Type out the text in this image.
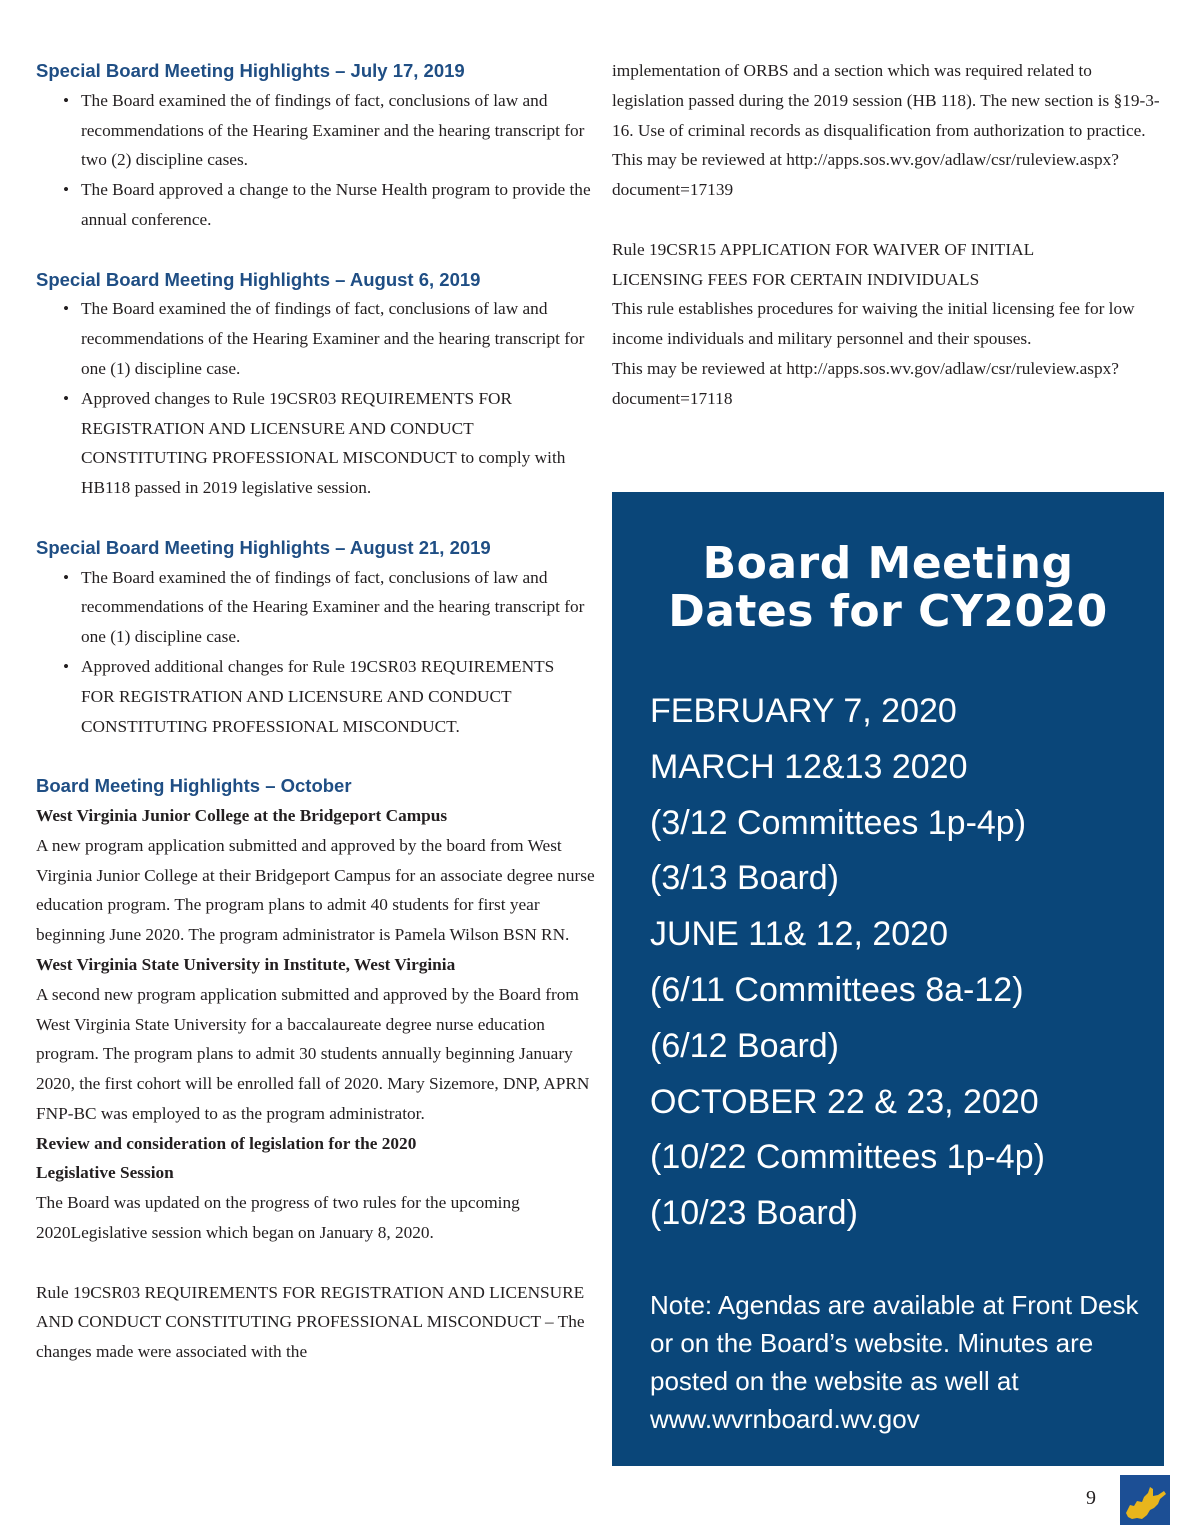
Special Board Meeting Highlights – July 17, 2019
• The Board examined the of findings of fact, conclusions of law and recommendations of the Hearing Examiner and the hearing transcript for two (2) discipline cases.
• The Board approved a change to the Nurse Health program to provide the annual conference.
Special Board Meeting Highlights – August 6, 2019
• The Board examined the of findings of fact, conclusions of law and recommendations of the Hearing Examiner and the hearing transcript for one (1) discipline case.
• Approved changes to Rule 19CSR03 REQUIREMENTS FOR REGISTRATION AND LICENSURE AND CONDUCT CONSTITUTING PROFESSIONAL MISCONDUCT to comply with HB118 passed in 2019 legislative session.
Special Board Meeting Highlights – August 21, 2019
• The Board examined the of findings of fact, conclusions of law and recommendations of the Hearing Examiner and the hearing transcript for one (1) discipline case.
• Approved additional changes for Rule 19CSR03 REQUIREMENTS FOR REGISTRATION AND LICENSURE AND CONDUCT CONSTITUTING PROFESSIONAL MISCONDUCT.
Board Meeting Highlights – October

West Virginia Junior College at the Bridgeport Campus

A new program application submitted and approved by the board from West Virginia Junior College at their Bridgeport Campus for an associate degree nurse education program. The program plans to admit 40 students for first year beginning June 2020. The program administrator is Pamela Wilson BSN RN.

West Virginia State University in Institute, West Virginia

A second new program application submitted and approved by the Board from West Virginia State University for a baccalaureate degree nurse education program. The program plans to admit 30 students annually beginning January 2020, the first cohort will be enrolled fall of 2020. Mary Sizemore, DNP, APRN FNP-BC was employed to as the program administrator.

Review and consideration of legislation for the 2020 Legislative Session

The Board was updated on the progress of two rules for the upcoming 2020Legislative session which began on January 8, 2020.

Rule 19CSR03 REQUIREMENTS FOR REGISTRATION AND LICENSURE AND CONDUCT CONSTITUTING PROFESSIONAL MISCONDUCT – The changes made were associated with the

implementation of ORBS and a section which was required related to legislation passed during the 2019 session (HB 118). The new section is §19-3-16. Use of criminal records as disqualification from authorization to practice.

This may be reviewed at http://apps.sos.wv.gov/adlaw/csr/ruleview.aspx?document=17139

Rule 19CSR15 APPLICATION FOR WAIVER OF INITIAL LICENSING FEES FOR CERTAIN INDIVIDUALS

This rule establishes procedures for waiving the initial licensing fee for low income individuals and military personnel and their spouses.

This may be reviewed at http://apps.sos.wv.gov/adlaw/csr/ruleview.aspx?document=17118

Board Meeting
Dates for CY2020
FEBRUARY 7, 2020
MARCH 12&13 2020
(3/12 Committees 1p-4p)
(3/13 Board)
JUNE 11& 12, 2020
(6/11 Committees 8a-12)
(6/12 Board)
OCTOBER 22 & 23, 2020
(10/22 Committees 1p-4p)
(10/23 Board)

Note: Agendas are available at Front Desk or on the Board’s website. Minutes are posted on the website as well at www.wvrnboard.wv.gov

9
